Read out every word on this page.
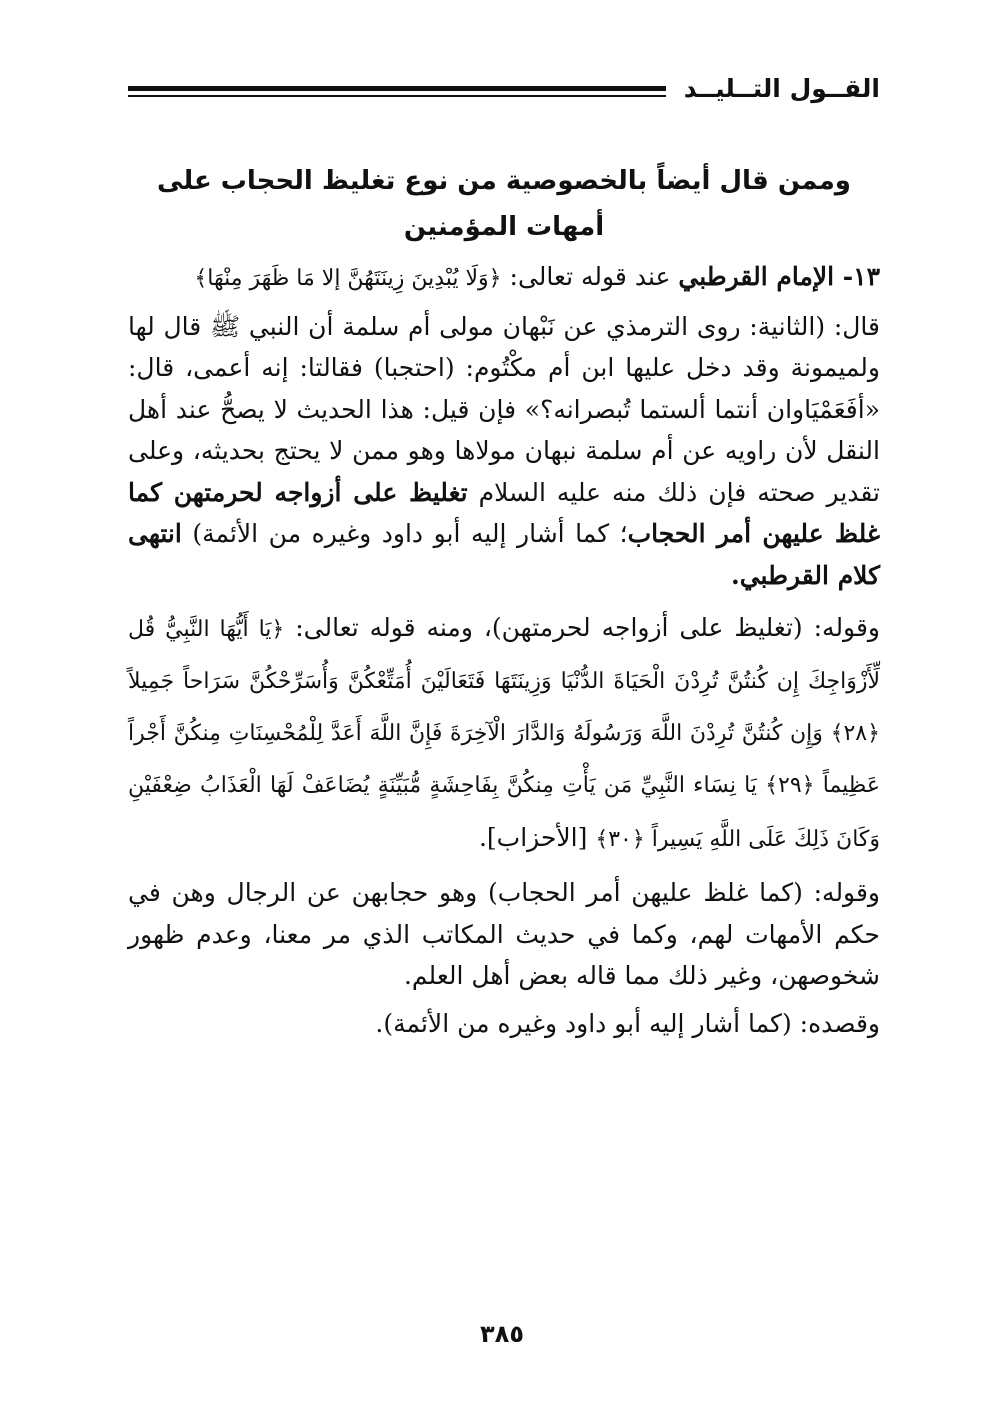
القــول التــليــد
وممن قال أيضاً بالخصوصية من نوع تغليظ الحجاب على
أمهات المؤمنين

١٣- الإمام القرطبي عند قوله تعالى: ﴿وَلَا يُبْدِينَ زِينَتَهُنَّ إلا مَا ظَهَرَ مِنْهَا﴾

قال: (الثانية: روى الترمذي عن نَبْهان مولى أم سلمة أن النبي ﷺ قال لها ولميمونة وقد دخل عليها ابن أم مكْتُوم: (احتجبا) فقالتا: إنه أعمى، قال: «أفَعَمْيَاوان أنتما ألستما تُبصرانه؟» فإن قيل: هذا الحديث لا يصحُّ عند أهل النقل لأن راويه عن أم سلمة نبهان مولاها وهو ممن لا يحتج بحديثه، وعلى تقدير صحته فإن ذلك منه عليه السلام تغليظ على أزواجه لحرمتهن كما غلظ عليهن أمر الحجاب؛ كما أشار إليه أبو داود وغيره من الأئمة) انتهى كلام القرطبي.

وقوله: (تغليظ على أزواجه لحرمتهن)، ومنه قوله تعالى: ﴿يَا أَيُّهَا النَّبِيُّ قُل لِّأَزْوَاجِكَ إِن كُنتُنَّ تُرِدْنَ الْحَيَاةَ الدُّنْيَا وَزِينَتَهَا فَتَعَالَيْنَ أُمَتِّعْكُنَّ وَأُسَرِّحْكُنَّ سَرَاحاً جَمِيلاً ﴿٢٨﴾ وَإِن كُنتُنَّ تُرِدْنَ اللَّهَ وَرَسُولَهُ وَالدَّارَ الْآخِرَةَ فَإِنَّ اللَّهَ أَعَدَّ لِلْمُحْسِنَاتِ مِنكُنَّ أَجْراً عَظِيماً ﴿٢٩﴾ يَا نِسَاء النَّبِيِّ مَن يَأْتِ مِنكُنَّ بِفَاحِشَةٍ مُّبَيِّنَةٍ يُضَاعَفْ لَهَا الْعَذَابُ ضِعْفَيْنِ وَكَانَ ذَلِكَ عَلَى اللَّهِ يَسِيراً ﴿٣٠﴾ [الأحزاب].

وقوله: (كما غلظ عليهن أمر الحجاب) وهو حجابهن عن الرجال وهن في حكم الأمهات لهم، وكما في حديث المكاتب الذي مر معنا، وعدم ظهور شخوصهن، وغير ذلك مما قاله بعض أهل العلم.

وقصده: (كما أشار إليه أبو داود وغيره من الأئمة).

٣٨٥
